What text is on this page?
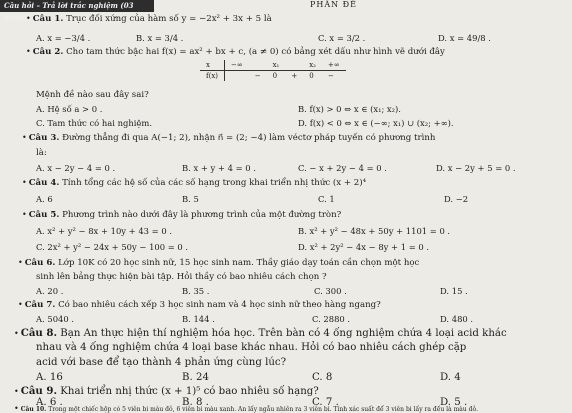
Câu hỏi – Trả lời trắc nghiệm (03 điểm)
PHẦN ĐỀ
• Câu 1. Trục đối xứng của hàm số y = −2x² + 3x + 5 là
A. x = −3/4 .	B. x = 3/4 .	C. x = 3/2 .	D. x = 49/8 .
• Câu 2. Cho tam thức bậc hai f(x) = ax² + bx + c, (a ≠ 0) có bảng xét dấu như hình vẽ dưới đây
x	−∞		x₁		x₂	+∞
f(x)		−	0	+	0	−
Mệnh đề nào sau đây sai?
A. Hệ số a > 0 .	B. f(x) > 0 ⇔ x ∈ (x₁; x₂).
C. Tam thức có hai nghiệm.	D. f(x) < 0 ⇔ x ∈ (−∞; x₁) ∪ (x₂; +∞).
• Câu 3. Đường thẳng đi qua A(−1; 2), nhận n⃗ = (2; −4) làm véctơ pháp tuyến có phương trình
là:
A. x − 2y − 4 = 0 .	B. x + y + 4 = 0 .	C. − x + 2y − 4 = 0 .	D. x − 2y + 5 = 0 .
• Câu 4. Tính tổng các hệ số của các số hạng trong khai triển nhị thức (x + 2)⁴
A. 6	B. 5	C. 1	D. −2
• Câu 5. Phương trình nào dưới đây là phương trình của một đường tròn?
A. x² + y² − 8x + 10y + 43 = 0 .	B. x² + y² − 48x + 50y + 1101 = 0 .
C. 2x² + y² − 24x + 50y − 100 = 0 .	D. x² + 2y² − 4x − 8y + 1 = 0 .
• Câu 6. Lớp 10K có 20 học sinh nữ, 15 học sinh nam. Thầy giáo dạy toán cần chọn một học
sinh lên bảng thực hiện bài tập. Hỏi thầy có bao nhiêu cách chọn ?
A. 20 .	B. 35 .	C. 300 .	D. 15 .
• Câu 7. Có bao nhiêu cách xếp 3 học sinh nam và 4 học sinh nữ theo hàng ngang?
A. 5040 .	B. 144 .	C. 2880 .	D. 480 .
• Câu 8. Bạn An thực hiện thí nghiệm hóa học. Trên bàn có 4 ống nghiệm chứa 4 loại acid khác
nhau và 4 ống nghiệm chứa 4 loại base khác nhau. Hỏi có bao nhiêu cách ghép cặp
acid với base để tạo thành 4 phản ứng cùng lúc?
A. 16	B. 24	C. 8	D. 4
• Câu 9. Khai triển nhị thức (x + 1)⁵ có bao nhiêu số hạng?
A. 6 .	B. 8 .	C. 7 .	D. 5 .
• Câu 10. Trong một chiếc hộp có 5 viên bi màu đỏ, 6 viên bi màu xanh. An lấy ngẫu nhiên ra 3 viên bi. Tính xác suất để 3 viên bi lấy ra đều là màu đỏ.
